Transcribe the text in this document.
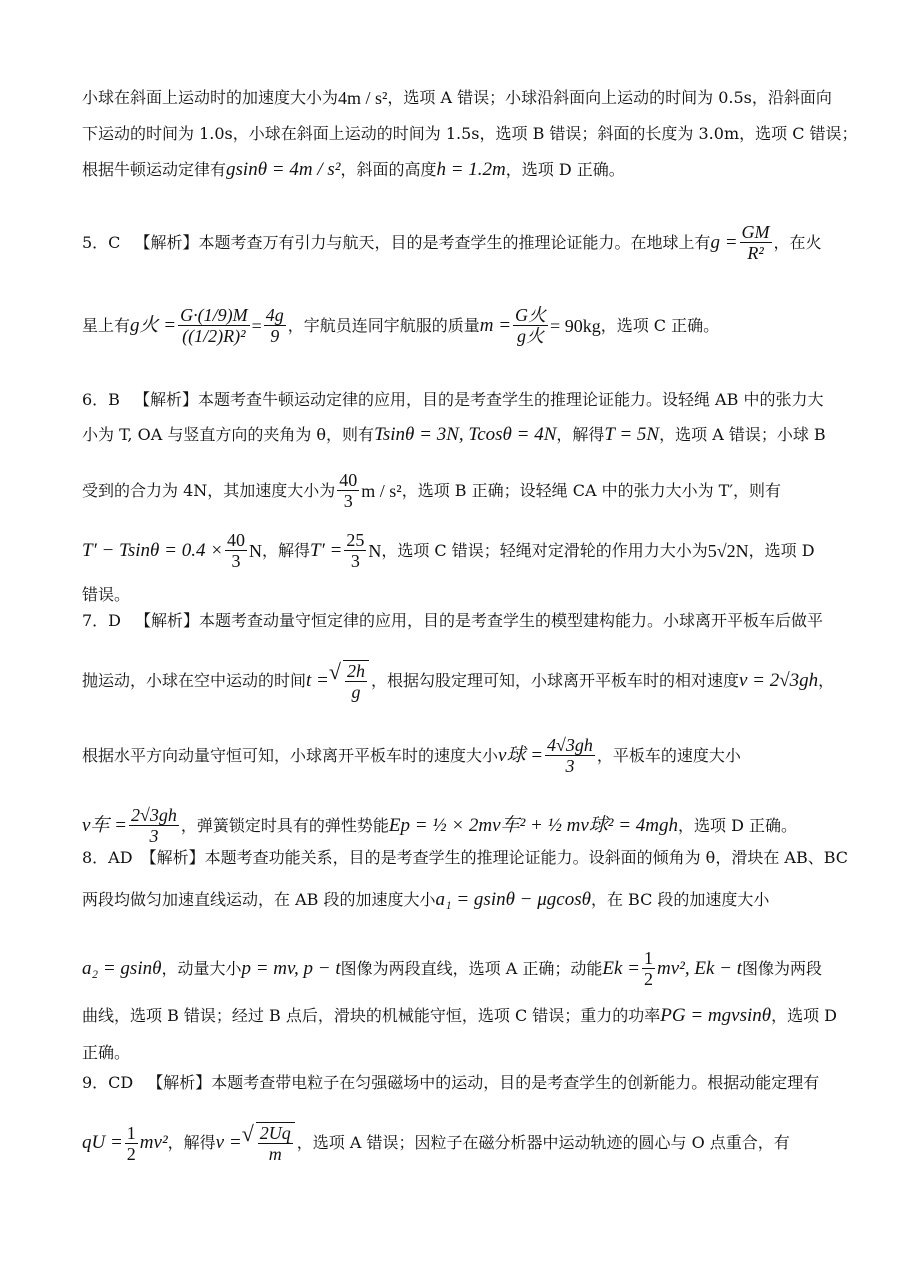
小球在斜面上运动时的加速度大小为 4m / s² ，选项 A 错误；小球沿斜面向上运动的时间为 0.5s，沿斜面向
下运动的时间为 1.0s，小球在斜面上运动的时间为 1.5s，选项 B 错误；斜面的长度为 3.0m，选项 C 错误；
根据牛顿运动定律有 gsinθ = 4m / s² ，斜面的高度 h = 1.2m ，选项 D 正确。
5．C 【解析】 本题考查万有引力与航天，目的是考查学生的推理论证能力。在地球上有 $g = \frac{GM}{\text{R²}}$ ，在火
星上有 g火 = $\frac{G\cdot(1/9)M}{\text{((1/2)R)²}} = \frac{4g}{9}$ ，宇航员连同宇航服的质量 $m = \frac{\text{G火}}{\text{g火}} = 90kg$ ，选项 C 正确。
6．B 【解析】 本题考查牛顿运动定律的应用，目的是考查学生的推理论证能力。设轻绳 AB 中的张力大
小为 T, OA 与竖直方向的夹角为 θ，则有 Tsinθ = 3N, Tcosθ = 4N ，解得 T = 5N ，选项 A 错误；小球 B
受到的合力为 4N，其加速度大小为 $\frac{40}{3}$ m / s² ，选项 B 正确；设轻绳 CA 中的张力大小为 T′，则有
$T' - Tsin\theta = 0.4 \times \frac{40}{3}$ N ，解得 $T' = \frac{25}{3}$ N ，选项 C 错误；轻绳对定滑轮的作用力大小为 5√2N ，选项 D
错误。
7．D 【解析】 本题考查动量守恒定律的应用，目的是考查学生的模型建构能力。小球离开平板车后做平
抛运动，小球在空中运动的时间 t = √ $\frac{2h}{g}$ ，根据勾股定理可知，小球离开平板车时的相对速度 v = 2√3gh ，
根据水平方向动量守恒可知，小球离开平板车时的速度大小 v球 = $\frac{4√3gh}{3}$ ，平板车的速度大小
v车 = $\frac{2√3gh}{3}$ ，弹簧锁定时具有的弹性势能 Ep = ½ × 2mv车² + ½ mv球² = 4mgh ，选项 D 正确。
8．AD 【解析】 本题考查功能关系，目的是考查学生的推理论证能力。设斜面的倾角为 θ，滑块在 AB、BC
两段均做匀加速直线运动，在 AB 段的加速度大小 a₁ = gsinθ − μgcosθ ，在 BC 段的加速度大小
a₂ = gsinθ ，动量大小 p = mv, p − t 图像为两段直线，选项 A 正确；动能 $Ek = \frac{1}{2} mv^2$, Ek − t 图像为两段
曲线，选项 B 错误；经过 B 点后，滑块的机械能守恒，选项 C 错误；重力的功率 PG = mgvsinθ ，选项 D
正确。
9．CD 【解析】 本题考查带电粒子在匀强磁场中的运动，目的是考查学生的创新能力。根据动能定理有
qU = $\frac{1}{2} mv^2$ ，解得 v = √ $\frac{2Uq}{m}$ ，选项 A 错误；因粒子在磁分析器中运动轨迹的圆心与 O 点重合，有
